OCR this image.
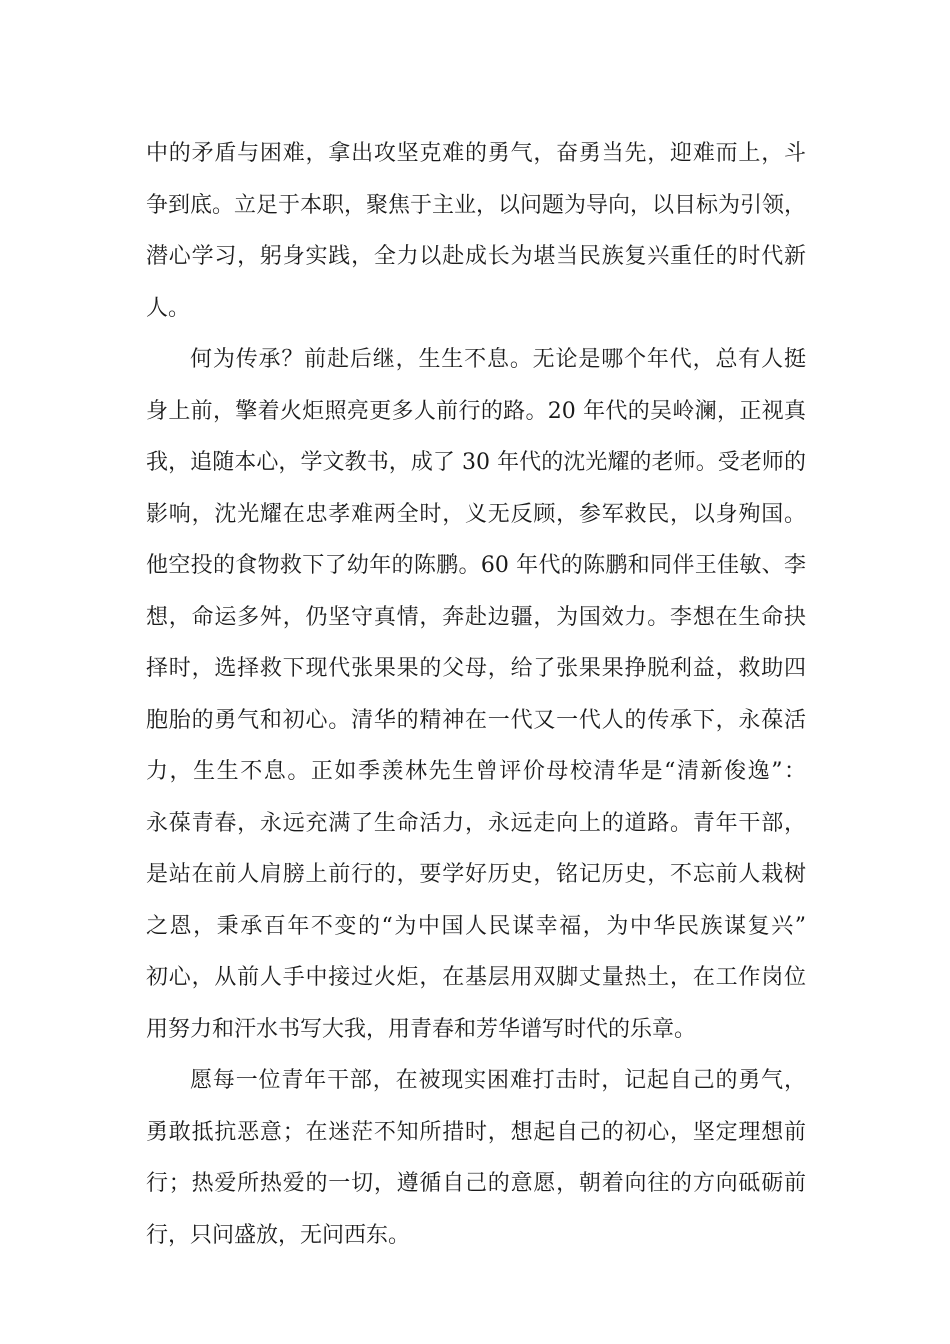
中的矛盾与困难，拿出攻坚克难的勇气，奋勇当先，迎难而上，斗
争到底。立足于本职，聚焦于主业，以问题为导向，以目标为引领，
潜心学习，躬身实践，全力以赴成长为堪当民族复兴重任的时代新
人。
何为传承？前赴后继，生生不息。无论是哪个年代，总有人挺
身上前，擎着火炬照亮更多人前行的路。20 年代的吴岭澜，正视真
我，追随本心，学文教书，成了 30 年代的沈光耀的老师。受老师的
影响，沈光耀在忠孝难两全时，义无反顾，参军救民，以身殉国。
他空投的食物救下了幼年的陈鹏。60 年代的陈鹏和同伴王佳敏、李
想，命运多舛，仍坚守真情，奔赴边疆，为国效力。李想在生命抉
择时，选择救下现代张果果的父母，给了张果果挣脱利益，救助四
胞胎的勇气和初心。清华的精神在一代又一代人的传承下，永葆活
力，生生不息。正如季羡林先生曾评价母校清华是“清新俊逸”：
永葆青春，永远充满了生命活力，永远走向上的道路。青年干部，
是站在前人肩膀上前行的，要学好历史，铭记历史，不忘前人栽树
之恩，秉承百年不变的“为中国人民谋幸福，为中华民族谋复兴”
初心，从前人手中接过火炬，在基层用双脚丈量热土，在工作岗位
用努力和汗水书写大我，用青春和芳华谱写时代的乐章。
愿每一位青年干部，在被现实困难打击时，记起自己的勇气，
勇敢抵抗恶意；在迷茫不知所措时，想起自己的初心，坚定理想前
行；热爱所热爱的一切，遵循自己的意愿，朝着向往的方向砥砺前
行，只问盛放，无问西东。
